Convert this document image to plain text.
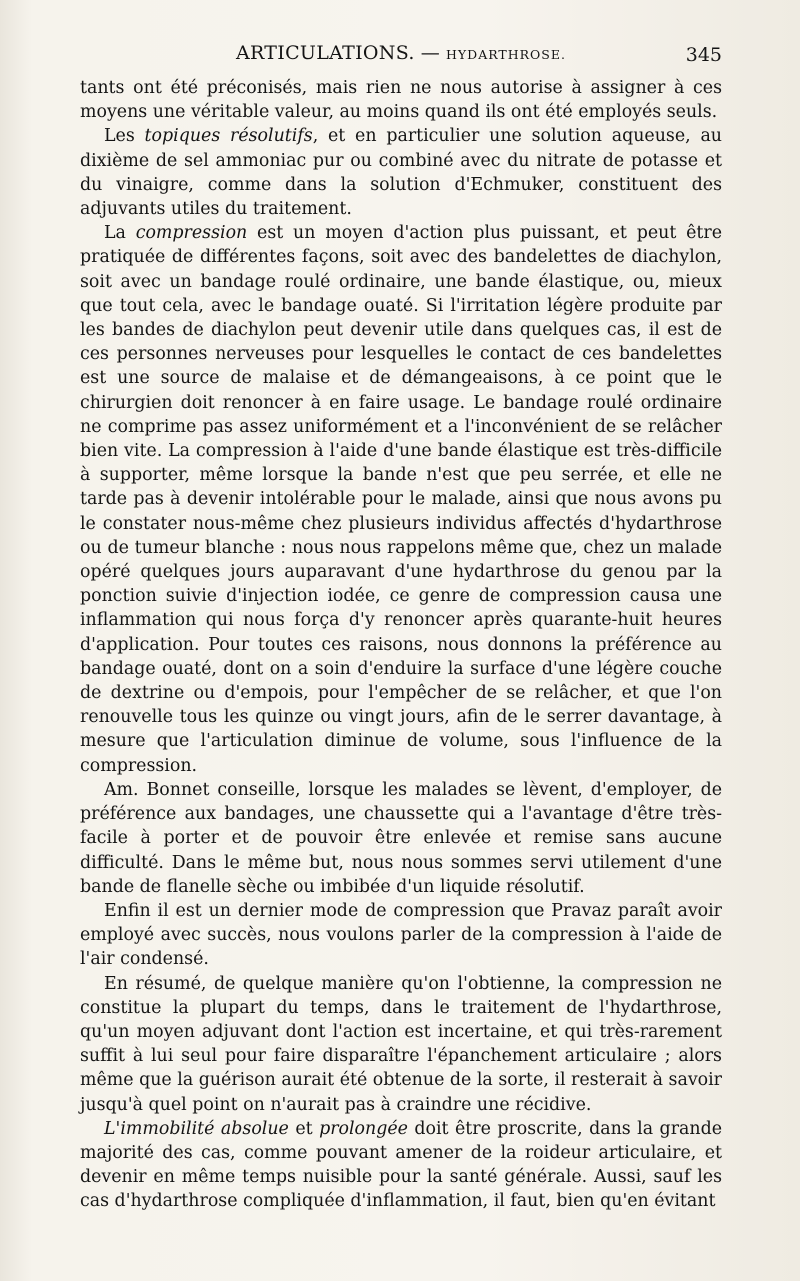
ARTICULATIONS. — HYDARTHROSE.	345

tants ont été préconisés, mais rien ne nous autorise à assigner à ces moyens une véritable valeur, au moins quand ils ont été employés seuls.

Les topiques résolutifs, et en particulier une solution aqueuse, au dixième de sel ammoniac pur ou combiné avec du nitrate de potasse et du vinaigre, comme dans la solution d'Echmuker, constituent des adjuvants utiles du traitement.

La compression est un moyen d'action plus puissant, et peut être pratiquée de différentes façons, soit avec des bandelettes de diachylon, soit avec un bandage roulé ordinaire, une bande élastique, ou, mieux que tout cela, avec le bandage ouaté. Si l'irritation légère produite par les bandes de diachylon peut devenir utile dans quelques cas, il est de ces personnes nerveuses pour lesquelles le contact de ces bandelettes est une source de malaise et de démangeaisons, à ce point que le chirurgien doit renoncer à en faire usage. Le bandage roulé ordinaire ne comprime pas assez uniformément et a l'inconvénient de se relâcher bien vite. La compression à l'aide d'une bande élastique est très-difficile à supporter, même lorsque la bande n'est que peu serrée, et elle ne tarde pas à devenir intolérable pour le malade, ainsi que nous avons pu le constater nous-même chez plusieurs individus affectés d'hydarthrose ou de tumeur blanche : nous nous rappelons même que, chez un malade opéré quelques jours auparavant d'une hydarthrose du genou par la ponction suivie d'injection iodée, ce genre de compression causa une inflammation qui nous força d'y renoncer après quarante-huit heures d'application. Pour toutes ces raisons, nous donnons la préférence au bandage ouaté, dont on a soin d'enduire la surface d'une légère couche de dextrine ou d'empois, pour l'empêcher de se relâcher, et que l'on renouvelle tous les quinze ou vingt jours, afin de le serrer davantage, à mesure que l'articulation diminue de volume, sous l'influence de la compression.

Am. Bonnet conseille, lorsque les malades se lèvent, d'employer, de préférence aux bandages, une chaussette qui a l'avantage d'être très-facile à porter et de pouvoir être enlevée et remise sans aucune difficulté. Dans le même but, nous nous sommes servi utilement d'une bande de flanelle sèche ou imbibée d'un liquide résolutif.

Enfin il est un dernier mode de compression que Pravaz paraît avoir employé avec succès, nous voulons parler de la compression à l'aide de l'air condensé.

En résumé, de quelque manière qu'on l'obtienne, la compression ne constitue la plupart du temps, dans le traitement de l'hydarthrose, qu'un moyen adjuvant dont l'action est incertaine, et qui très-rarement suffit à lui seul pour faire disparaître l'épanchement articulaire ; alors même que la guérison aurait été obtenue de la sorte, il resterait à savoir jusqu'à quel point on n'aurait pas à craindre une récidive.

L'immobilité absolue et prolongée doit être proscrite, dans la grande majorité des cas, comme pouvant amener de la roideur articulaire, et devenir en même temps nuisible pour la santé générale. Aussi, sauf les cas d'hydarthrose compliquée d'inflammation, il faut, bien qu'en évitant
